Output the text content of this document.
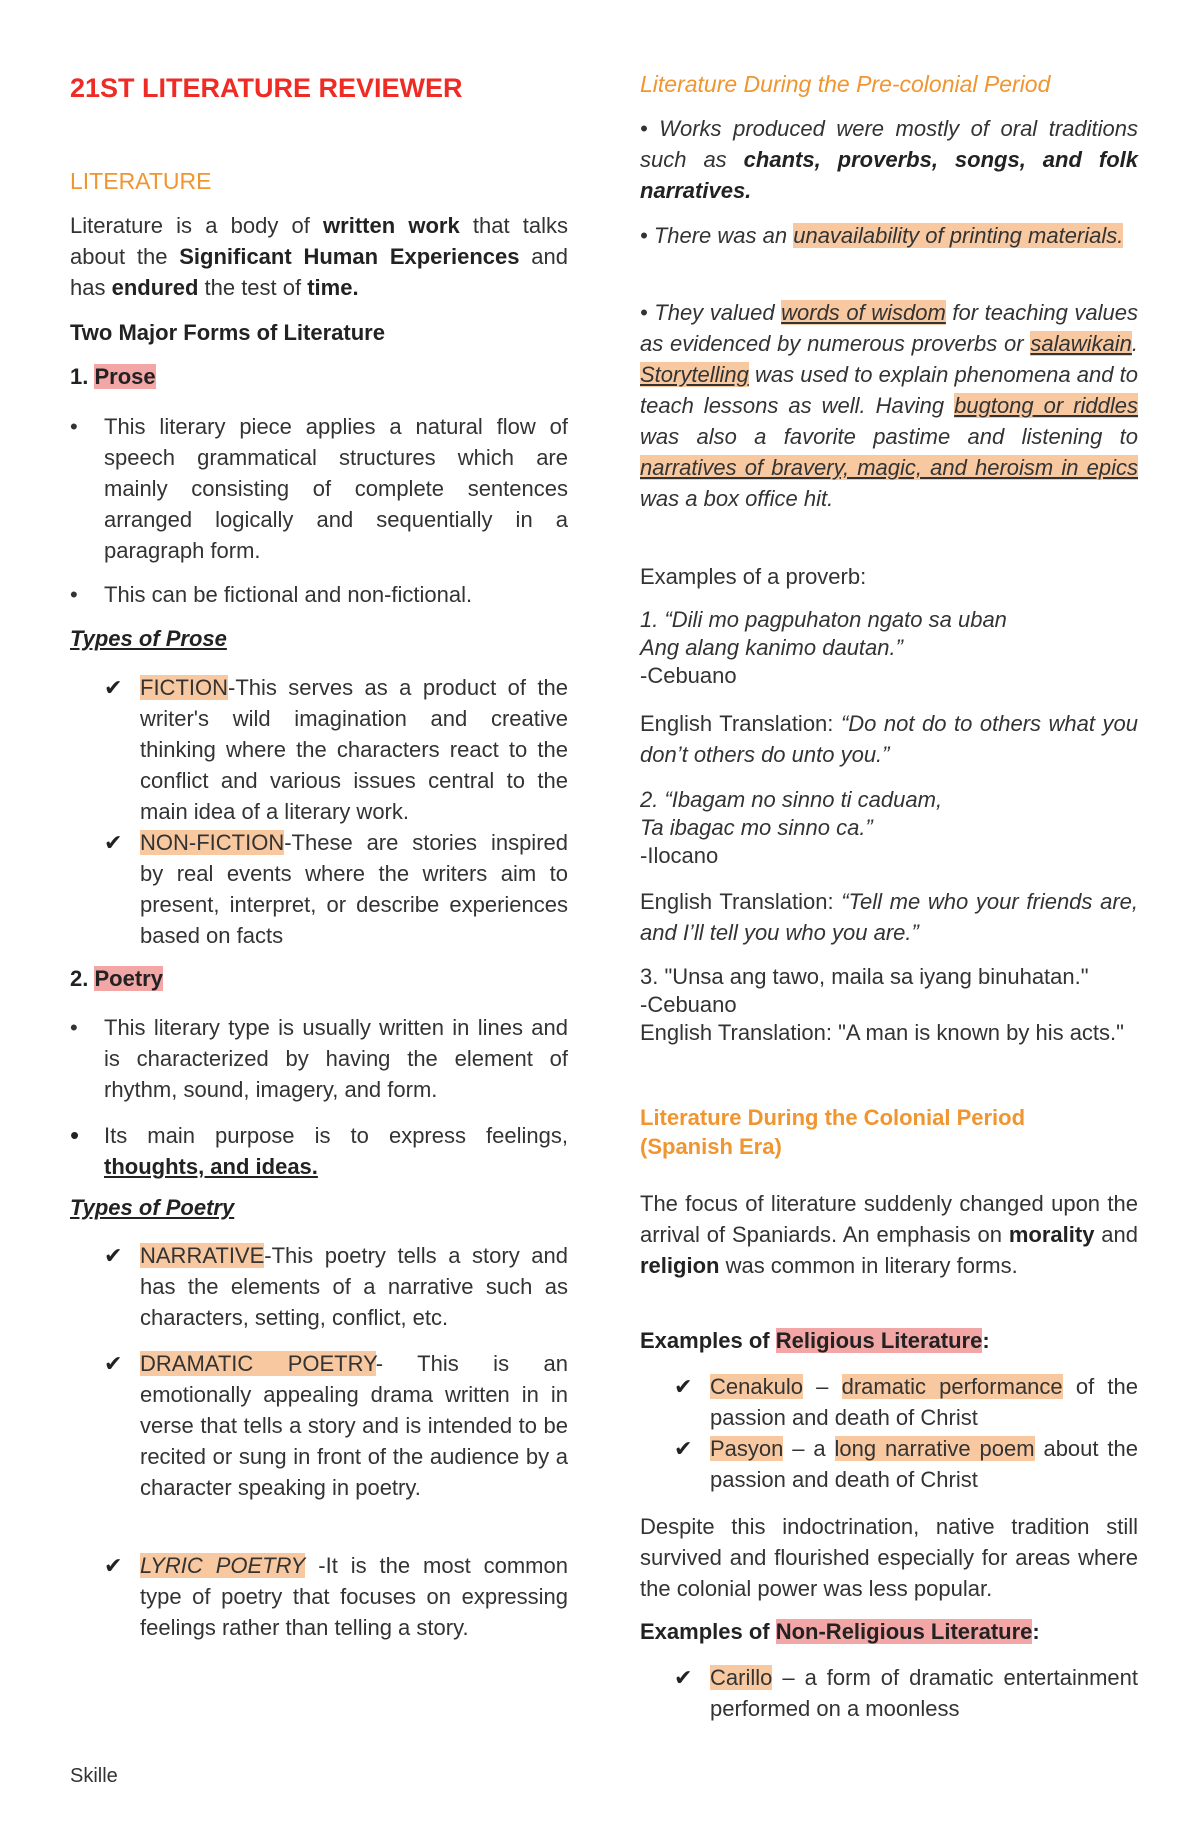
21ST LITERATURE REVIEWER
LITERATURE

Literature is a body of written work that talks about the Significant Human Experiences and has endured the test of time.

Two Major Forms of Literature
1. Prose
• This literary piece applies a natural flow of speech grammatical structures which are mainly consisting of complete sentences arranged logically and sequentially in a paragraph form.

• This can be fictional and non-fictional.

Types of Prose
✔ FICTION-This serves as a product of the writer's wild imagination and creative thinking where the characters react to the conflict and various issues central to the main idea of a literary work.

✔ NON-FICTION-These are stories inspired by real events where the writers aim to present, interpret, or describe experiences based on facts

2. Poetry
• This literary type is usually written in lines and is characterized by having the element of rhythm, sound, imagery, and form.

• Its main purpose is to express feelings, thoughts, and ideas.

Types of Poetry
✔ NARRATIVE-This poetry tells a story and has the elements of a narrative such as characters, setting, conflict, etc.

✔ DRAMATIC POETRY- This is an emotionally appealing drama written in in verse that tells a story and is intended to be recited or sung in front of the audience by a character speaking in poetry.

✔ LYRIC POETRY -It is the most common type of poetry that focuses on expressing feelings rather than telling a story.

Literature During the Pre-colonial Period

• Works produced were mostly of oral traditions such as chants, proverbs, songs, and folk narratives.

• There was an unavailability of printing materials.

• They valued words of wisdom for teaching values as evidenced by numerous proverbs or salawikain. Storytelling was used to explain phenomena and to teach lessons as well. Having bugtong or riddles was also a favorite pastime and listening to narratives of bravery, magic, and heroism in epics was a box office hit.

Examples of a proverb:
1. “Dili mo pagpuhaton ngato sa uban
Ang alang kanimo dautan.”
-Cebuano

English Translation: “Do not do to others what you don’t others do unto you.”

2. “Ibagam no sinno ti caduam,
Ta ibagac mo sinno ca.”
-Ilocano

English Translation: “Tell me who your friends are, and I’ll tell you who you are.”

3. "Unsa ang tawo, maila sa iyang binuhatan."
-Cebuano

English Translation: "A man is known by his acts."

Literature During the Colonial Period
(Spanish Era)

The focus of literature suddenly changed upon the arrival of Spaniards. An emphasis on morality and religion was common in literary forms.

Examples of Religious Literature:
✔ Cenakulo – dramatic performance of the passion and death of Christ

✔ Pasyon – a long narrative poem about the passion and death of Christ

Despite this indoctrination, native tradition still survived and flourished especially for areas where the colonial power was less popular.

Examples of Non-Religious Literature:
✔ Carillo – a form of dramatic entertainment performed on a moonless

Skille
